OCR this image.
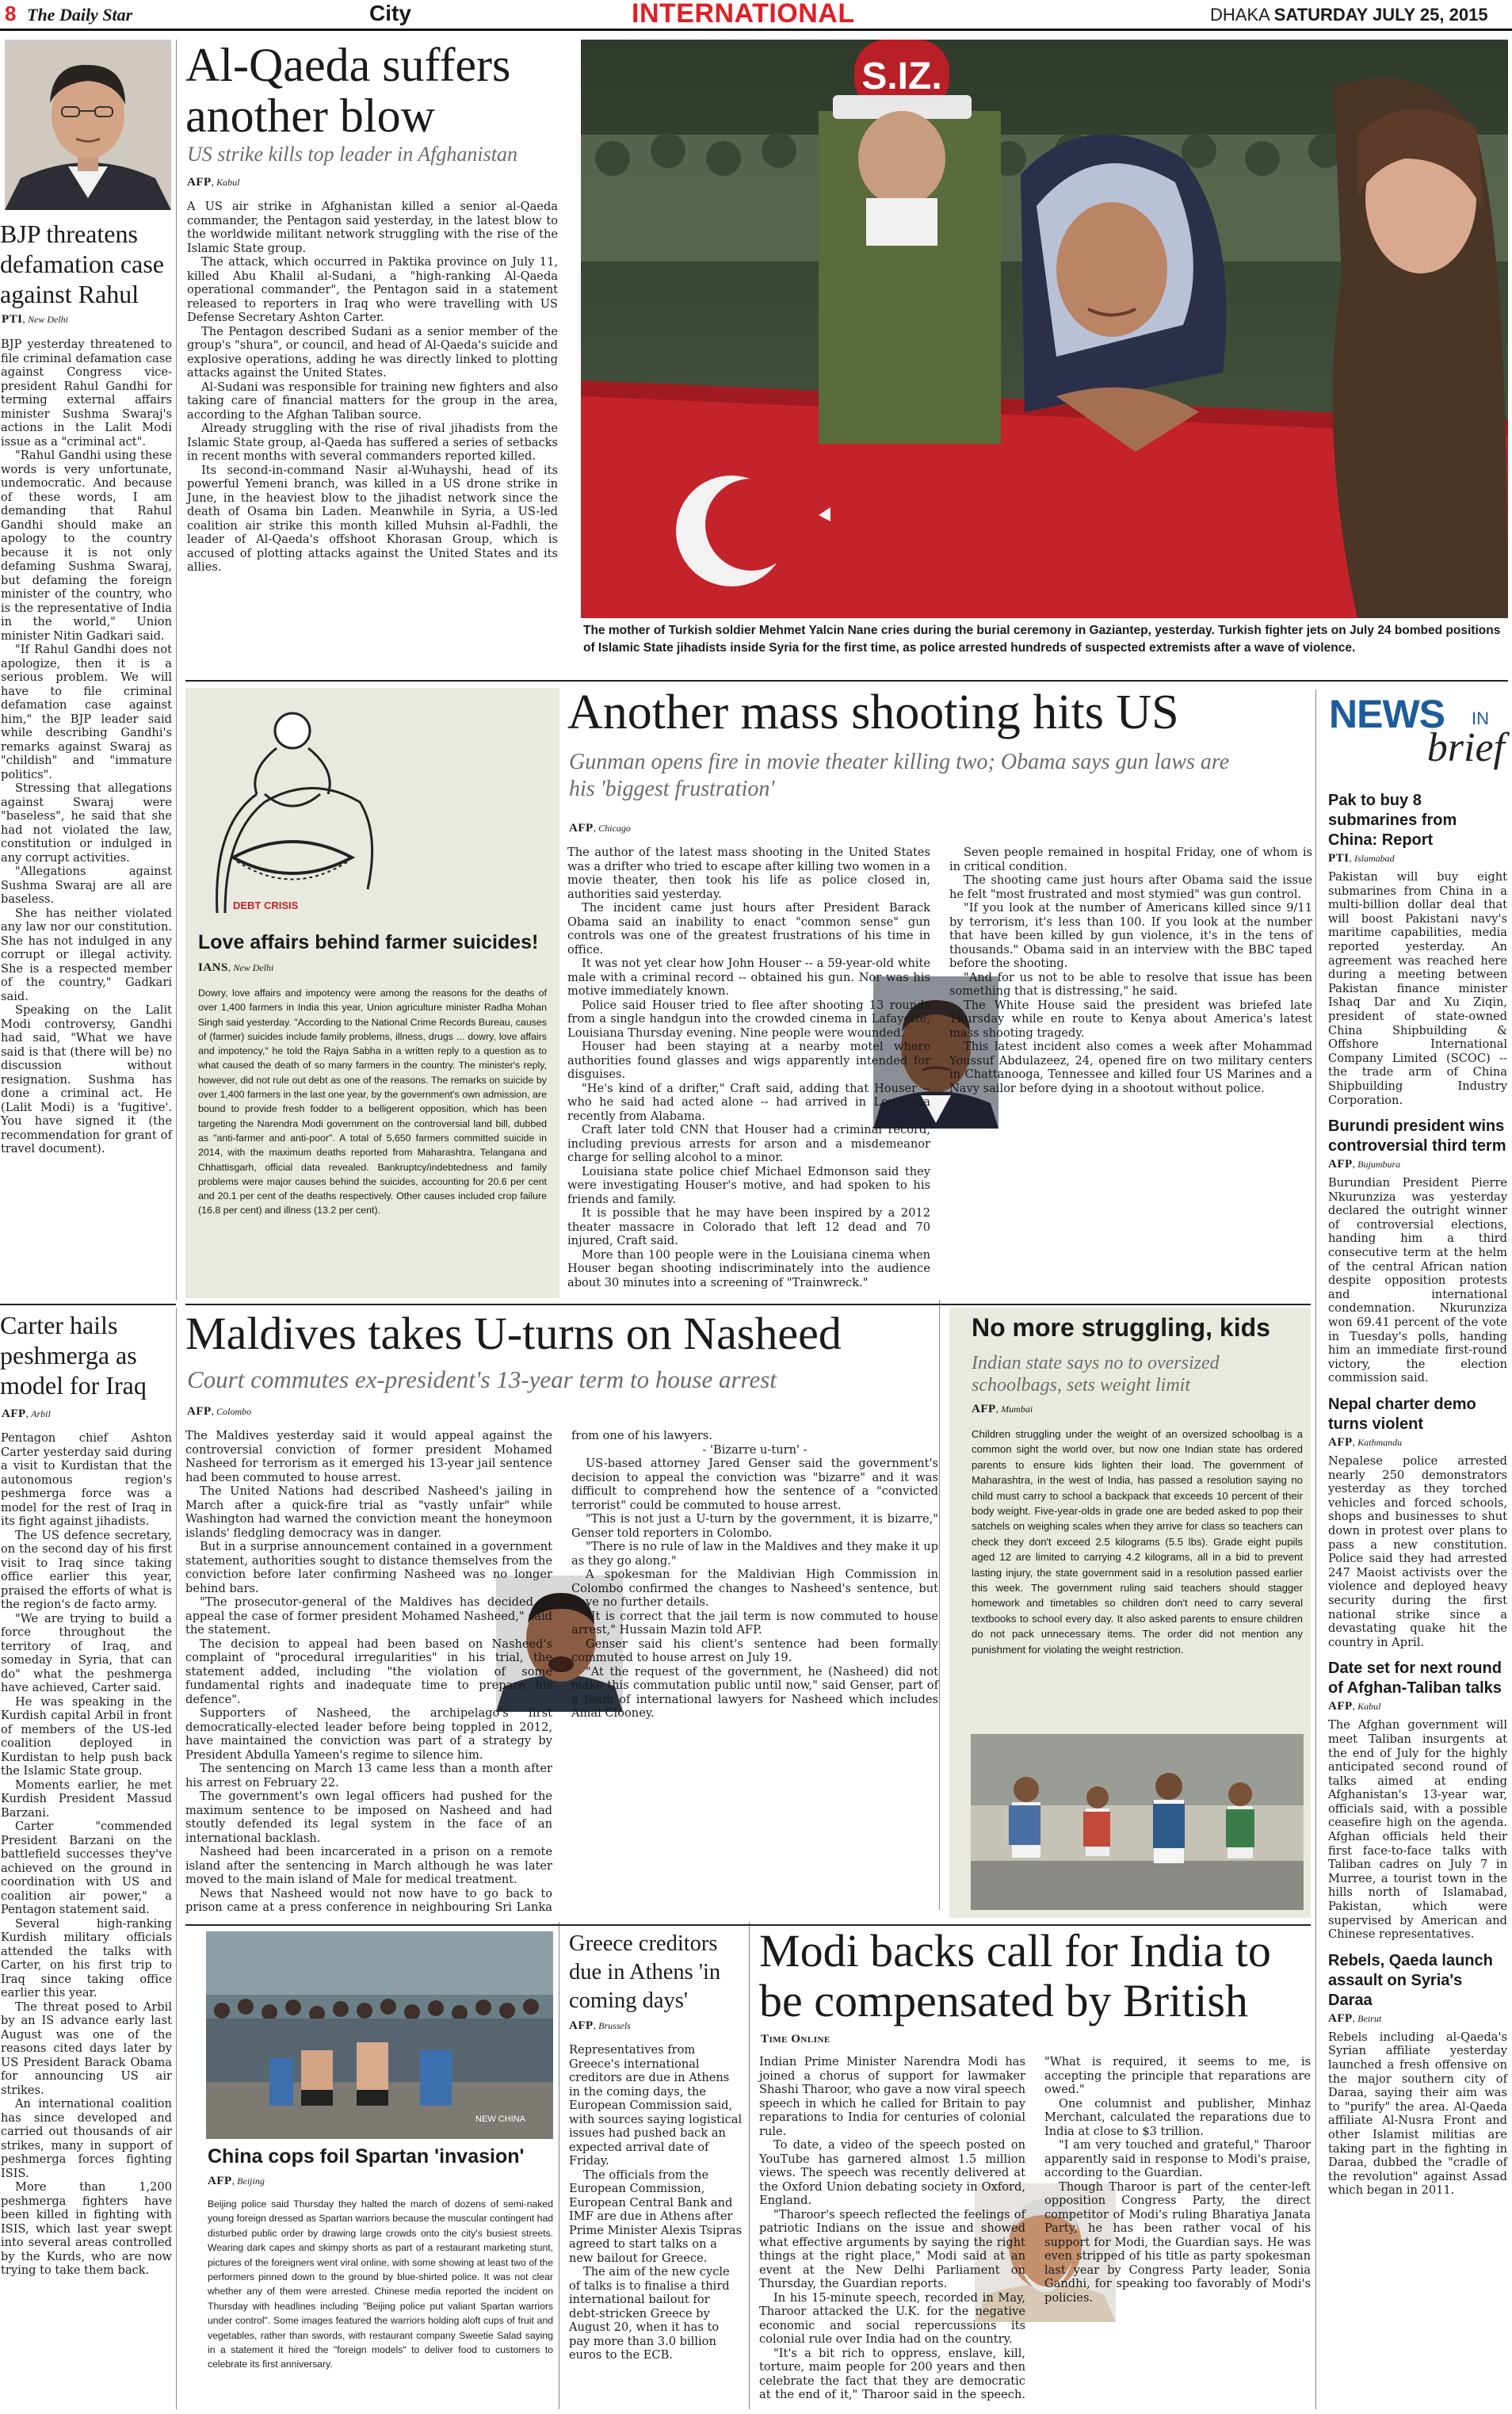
8 The Daily Star	City	INTERNATIONAL	DHAKA SATURDAY JULY 25, 2015
BJP threatens defamation case against Rahul
PTI, New Delhi

BJP yesterday threatened to file criminal defamation case against Congress vice-president Rahul Gandhi for terming external affairs minister Sushma Swaraj's actions in the Lalit Modi issue as a "criminal act".

"Rahul Gandhi using these words is very unfortunate, undemocratic. And because of these words, I am demanding that Rahul Gandhi should make an apology to the country because it is not only defaming Sushma Swaraj, but defaming the foreign minister of the country, who is the representative of India in the world," Union minister Nitin Gadkari said.

"If Rahul Gandhi does not apologize, then it is a serious problem. We will have to file criminal defamation case against him," the BJP leader said while describing Gandhi's remarks against Swaraj as "childish" and "immature politics".

Stressing that allegations against Swaraj were "baseless", he said that she had not violated the law, constitution or indulged in any corrupt activities.

"Allegations against Sushma Swaraj are all are baseless.

She has neither violated any law nor our constitution. She has not indulged in any corrupt or illegal activity. She is a respected member of the country," Gadkari said.

Speaking on the Lalit Modi controversy, Gandhi had said, "What we have said is that (there will be) no discussion without resignation. Sushma has done a criminal act. He (Lalit Modi) is a 'fugitive'. You have signed it (the recommendation for grant of travel document).

Al-Qaeda suffers another blow
US strike kills top leader in Afghanistan
AFP, Kabul

A US air strike in Afghanistan killed a senior al-Qaeda commander, the Pentagon said yesterday, in the latest blow to the worldwide militant network struggling with the rise of the Islamic State group.

The attack, which occurred in Paktika province on July 11, killed Abu Khalil al-Sudani, a "high-ranking Al-Qaeda operational commander", the Pentagon said in a statement released to reporters in Iraq who were travelling with US Defense Secretary Ashton Carter.

The Pentagon described Sudani as a senior member of the group's "shura", or council, and head of Al-Qaeda's suicide and explosive operations, adding he was directly linked to plotting attacks against the United States.

Al-Sudani was responsible for training new fighters and also taking care of financial matters for the group in the area, according to the Afghan Taliban source.

Already struggling with the rise of rival jihadists from the Islamic State group, al-Qaeda has suffered a series of setbacks in recent months with several commanders reported killed.

Its second-in-command Nasir al-Wuhayshi, head of its powerful Yemeni branch, was killed in a US drone strike in June, in the heaviest blow to the jihadist network since the death of Osama bin Laden. Meanwhile in Syria, a US-led coalition air strike this month killed Muhsin al-Fadhli, the leader of Al-Qaeda's offshoot Khorasan Group, which is accused of plotting attacks against the United States and its allies.

S.IZ.
PHOTO: AFP
The mother of Turkish soldier Mehmet Yalcin Nane cries during the burial ceremony in Gaziantep, yesterday. Turkish fighter jets on July 24 bombed positions of Islamic State jihadists inside Syria for the first time, as police arrested hundreds of suspected extremists after a wave of violence.
DEBT CRISIS
Love affairs behind farmer suicides!
IANS, New Delhi
Dowry, love affairs and impotency were among the reasons for the deaths of over 1,400 farmers in India this year, Union agriculture minister Radha Mohan Singh said yesterday. "According to the National Crime Records Bureau, causes of (farmer) suicides include family problems, illness, drugs ... dowry, love affairs and impotency," he told the Rajya Sabha in a written reply to a question as to what caused the death of so many farmers in the country. The minister's reply, however, did not rule out debt as one of the reasons. The remarks on suicide by over 1,400 farmers in the last one year, by the government's own admission, are bound to provide fresh fodder to a belligerent opposition, which has been targeting the Narendra Modi government on the controversial land bill, dubbed as "anti-farmer and anti-poor". A total of 5,650 farmers committed suicide in 2014, with the maximum deaths reported from Maharashtra, Telangana and Chhattisgarh, official data revealed. Bankruptcy/indebtedness and family problems were major causes behind the suicides, accounting for 20.6 per cent and 20.1 per cent of the deaths respectively. Other causes included crop failure (16.8 per cent) and illness (13.2 per cent).
Another mass shooting hits US
Gunman opens fire in movie theater killing two; Obama says gun laws are his 'biggest frustration'
AFP, Chicago

The author of the latest mass shooting in the United States was a drifter who tried to escape after killing two women in a movie theater, then took his life as police closed in, authorities said yesterday.

The incident came just hours after President Barack Obama said an inability to enact "common sense" gun controls was one of the greatest frustrations of his time in office.

It was not yet clear how John Houser -- a 59-year-old white male with a criminal record -- obtained his gun. Nor was his motive immediately known.

Police said Houser tried to flee after shooting 13 rounds from a single handgun into the crowded cinema in Lafayette, Louisiana Thursday evening. Nine people were wounded.

Houser had been staying at a nearby motel where authorities found glasses and wigs apparently intended for disguises.

"He's kind of a drifter," Craft said, adding that Houser -- who he said had acted alone -- had arrived in Louisiana recently from Alabama.

Craft later told CNN that Houser had a criminal record, including previous arrests for arson and a misdemeanor charge for selling alcohol to a minor.

Louisiana state police chief Michael Edmonson said they were investigating Houser's motive, and had spoken to his friends and family.

It is possible that he may have been inspired by a 2012 theater massacre in Colorado that left 12 dead and 70 injured, Craft said.

More than 100 people were in the Louisiana cinema when Houser began shooting indiscriminately into the audience about 30 minutes into a screening of "Trainwreck."

Seven people remained in hospital Friday, one of whom is in critical condition.

The shooting came just hours after Obama said the issue he felt "most frustrated and most stymied" was gun control.

"If you look at the number of Americans killed since 9/11 by terrorism, it's less than 100. If you look at the number that have been killed by gun violence, it's in the tens of thousands." Obama said in an interview with the BBC taped before the shooting.

"And for us not to be able to resolve that issue has been something that is distressing," he said.

The White House said the president was briefed late Thursday while en route to Kenya about America's latest mass shooting tragedy.

This latest incident also comes a week after Mohammad Youssuf Abdulazeez, 24, opened fire on two military centers in Chattanooga, Tennessee and killed four US Marines and a Navy sailor before dying in a shootout without police.

NEWS IN
brief
Pak to buy 8 submarines from China: Report
PTI, Islamabad
Pakistan will buy eight submarines from China in a multi-billion dollar deal that will boost Pakistani navy's maritime capabilities, media reported yesterday. An agreement was reached here during a meeting between Pakistan finance minister Ishaq Dar and Xu Ziqin, president of state-owned China Shipbuilding & Offshore International Company Limited (SCOC) -- the trade arm of China Shipbuilding Industry Corporation.
Burundi president wins controversial third term
AFP, Bujumbura
Burundian President Pierre Nkurunziza was yesterday declared the outright winner of controversial elections, handing him a third consecutive term at the helm of the central African nation despite opposition protests and international condemnation. Nkurunziza won 69.41 percent of the vote in Tuesday's polls, handing him an immediate first-round victory, the election commission said.
Nepal charter demo turns violent
AFP, Kathmandu
Nepalese police arrested nearly 250 demonstrators yesterday as they torched vehicles and forced schools, shops and businesses to shut down in protest over plans to pass a new constitution. Police said they had arrested 247 Maoist activists over the violence and deployed heavy security during the first national strike since a devastating quake hit the country in April.
Date set for next round of Afghan-Taliban talks
AFP, Kabul
The Afghan government will meet Taliban insurgents at the end of July for the highly anticipated second round of talks aimed at ending Afghanistan's 13-year war, officials said, with a possible ceasefire high on the agenda. Afghan officials held their first face-to-face talks with Taliban cadres on July 7 in Murree, a tourist town in the hills north of Islamabad, Pakistan, which were supervised by American and Chinese representatives.
Rebels, Qaeda launch assault on Syria's Daraa
AFP, Beirut
Rebels including al-Qaeda's Syrian affiliate yesterday launched a fresh offensive on the major southern city of Daraa, saying their aim was to "purify" the area. Al-Qaeda affiliate Al-Nusra Front and other Islamist militias are taking part in the fighting in Daraa, dubbed the "cradle of the revolution" against Assad which began in 2011.
Carter hails peshmerga as model for Iraq
AFP, Arbil

Pentagon chief Ashton Carter yesterday said during a visit to Kurdistan that the autonomous region's peshmerga force was a model for the rest of Iraq in its fight against jihadists.

The US defence secretary, on the second day of his first visit to Iraq since taking office earlier this year, praised the efforts of what is the region's de facto army.

"We are trying to build a force throughout the territory of Iraq, and someday in Syria, that can do" what the peshmerga have achieved, Carter said.

He was speaking in the Kurdish capital Arbil in front of members of the US-led coalition deployed in Kurdistan to help push back the Islamic State group.

Moments earlier, he met Kurdish President Massud Barzani.

Carter "commended President Barzani on the battlefield successes they've achieved on the ground in coordination with US and coalition air power," a Pentagon statement said.

Several high-ranking Kurdish military officials attended the talks with Carter, on his first trip to Iraq since taking office earlier this year.

The threat posed to Arbil by an IS advance early last August was one of the reasons cited days later by US President Barack Obama for announcing US air strikes.

An international coalition has since developed and carried out thousands of air strikes, many in support of peshmerga forces fighting ISIS.

More than 1,200 peshmerga fighters have been killed in fighting with ISIS, which last year swept into several areas controlled by the Kurds, who are now trying to take them back.

Maldives takes U-turns on Nasheed
Court commutes ex-president's 13-year term to house arrest
AFP, Colombo

The Maldives yesterday said it would appeal against the controversial conviction of former president Mohamed Nasheed for terrorism as it emerged his 13-year jail sentence had been commuted to house arrest.

The United Nations had described Nasheed's jailing in March after a quick-fire trial as "vastly unfair" while Washington had warned the conviction meant the honeymoon islands' fledgling democracy was in danger.

But in a surprise announcement contained in a government statement, authorities sought to distance themselves from the conviction before later confirming Nasheed was no longer behind bars.

"The prosecutor-general of the Maldives has decided to appeal the case of former president Mohamed Nasheed," said the statement.

The decision to appeal had been based on Nasheed's complaint of "procedural irregularities" in his trial, the statement added, including "the violation of some fundamental rights and inadequate time to prepare his defence".

Supporters of Nasheed, the archipelago's first democratically-elected leader before being toppled in 2012, have maintained the conviction was part of a strategy by President Abdulla Yameen's regime to silence him.

The sentencing on March 13 came less than a month after his arrest on February 22.

The government's own legal officers had pushed for the maximum sentence to be imposed on Nasheed and had stoutly defended its legal system in the face of an international backlash.

Nasheed had been incarcerated in a prison on a remote island after the sentencing in March although he was later moved to the main island of Male for medical treatment.

News that Nasheed would not now have to go back to prison came at a press conference in neighbouring Sri Lanka from one of his lawyers.

- 'Bizarre u-turn' -

US-based attorney Jared Genser said the government's decision to appeal the conviction was "bizarre" and it was difficult to comprehend how the sentence of a "convicted terrorist" could be commuted to house arrest.

"This is not just a U-turn by the government, it is bizarre," Genser told reporters in Colombo.

"There is no rule of law in the Maldives and they make it up as they go along."

A spokesman for the Maldivian High Commission in Colombo confirmed the changes to Nasheed's sentence, but gave no further details.

"It is correct that the jail term is now commuted to house arrest," Hussain Mazin told AFP.

Genser said his client's sentence had been formally commuted to house arrest on July 19.

"At the request of the government, he (Nasheed) did not make this commutation public until now," said Genser, part of a team of international lawyers for Nasheed which includes Amal Clooney.

No more struggling, kids
Indian state says no to oversized schoolbags, sets weight limit
AFP, Mumbai
Children struggling under the weight of an oversized schoolbag is a common sight the world over, but now one Indian state has ordered parents to ensure kids lighten their load. The government of Maharashtra, in the west of India, has passed a resolution saying no child must carry to school a backpack that exceeds 10 percent of their body weight. Five-year-olds in grade one are beded asked to pop their satchels on weighing scales when they arrive for class so teachers can check they don't exceed 2.5 kilograms (5.5 lbs). Grade eight pupils aged 12 are limited to carrying 4.2 kilograms, all in a bid to prevent lasting injury, the state government said in a resolution passed earlier this week. The government ruling said teachers should stagger homework and timetables so children don't need to carry several textbooks to school every day. It also asked parents to ensure children do not pack unnecessary items. The order did not mention any punishment for violating the weight restriction.
NEW CHINA
China cops foil Spartan 'invasion'
AFP, Beijing
Beijing police said Thursday they halted the march of dozens of semi-naked young foreign dressed as Spartan warriors because the muscular contingent had disturbed public order by drawing large crowds onto the city's busiest streets. Wearing dark capes and skimpy shorts as part of a restaurant marketing stunt, pictures of the foreigners went viral online, with some showing at least two of the performers pinned down to the ground by blue-shirted police. It was not clear whether any of them were arrested. Chinese media reported the incident on Thursday with headlines including "Beijing police put valiant Spartan warriors under control". Some images featured the warriors holding aloft cups of fruit and vegetables, rather than swords, with restaurant company Sweetie Salad saying in a statement it hired the "foreign models" to deliver food to customers to celebrate its first anniversary.
Greece creditors due in Athens 'in coming days'
AFP, Brussels

Representatives from Greece's international creditors are due in Athens in the coming days, the European Commission said, with sources saying logistical issues had pushed back an expected arrival date of Friday.

The officials from the European Commission, European Central Bank and IMF are due in Athens after Prime Minister Alexis Tsipras agreed to start talks on a new bailout for Greece.

The aim of the new cycle of talks is to finalise a third international bailout for debt-stricken Greece by August 20, when it has to pay more than 3.0 billion euros to the ECB.

Modi backs call for India to be compensated by British
Time Online

Indian Prime Minister Narendra Modi has joined a chorus of support for lawmaker Shashi Tharoor, who gave a now viral speech speech in which he called for Britain to pay reparations to India for centuries of colonial rule.

To date, a video of the speech posted on YouTube has garnered almost 1.5 million views. The speech was recently delivered at the Oxford Union debating society in Oxford, England.

"Tharoor's speech reflected the feelings of patriotic Indians on the issue and showed what effective arguments by saying the right things at the right place," Modi said at an event at the New Delhi Parliament on Thursday, the Guardian reports.

In his 15-minute speech, recorded in May, Tharoor attacked the U.K. for the negative economic and social repercussions its colonial rule over India had on the country.

"It's a bit rich to oppress, enslave, kill, torture, maim people for 200 years and then celebrate the fact that they are democratic at the end of it," Tharoor said in the speech. "What is required, it seems to me, is accepting the principle that reparations are owed."

One columnist and publisher, Minhaz Merchant, calculated the reparations due to India at close to $3 trillion.

"I am very touched and grateful," Tharoor apparently said in response to Modi's praise, according to the Guardian.

Though Tharoor is part of the center-left opposition Congress Party, the direct competitor of Modi's ruling Bharatiya Janata Party, he has been rather vocal of his support for Modi, the Guardian says. He was even stripped of his title as party spokesman last year by Congress Party leader, Sonia Gandhi, for speaking too favorably of Modi's policies.
